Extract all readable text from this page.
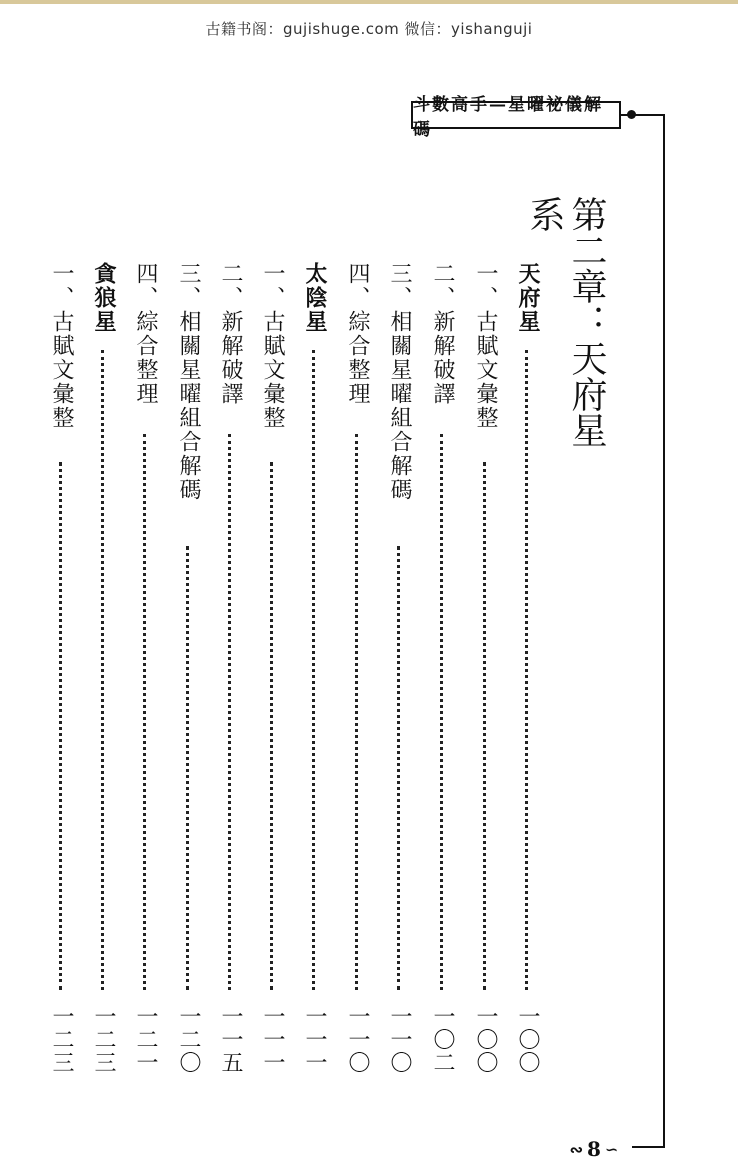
古籍书阁：gujishuge.com 微信：yishanguji
斗數高手—星曜祕儀解碼
第二章：天府星系
天府星
一〇〇
一、古賦文彙整
一〇〇
二、新解破譯
一〇二
三、相關星曜組合解碼
一一〇
四、綜合整理
一一〇
太陰星
一一一
一、古賦文彙整
一一一
二、新解破譯
一一五
三、相關星曜組合解碼
一二〇
四、綜合整理
一二一
貪狼星
一二三
一、古賦文彙整
一二三
∾ 8 ∽
